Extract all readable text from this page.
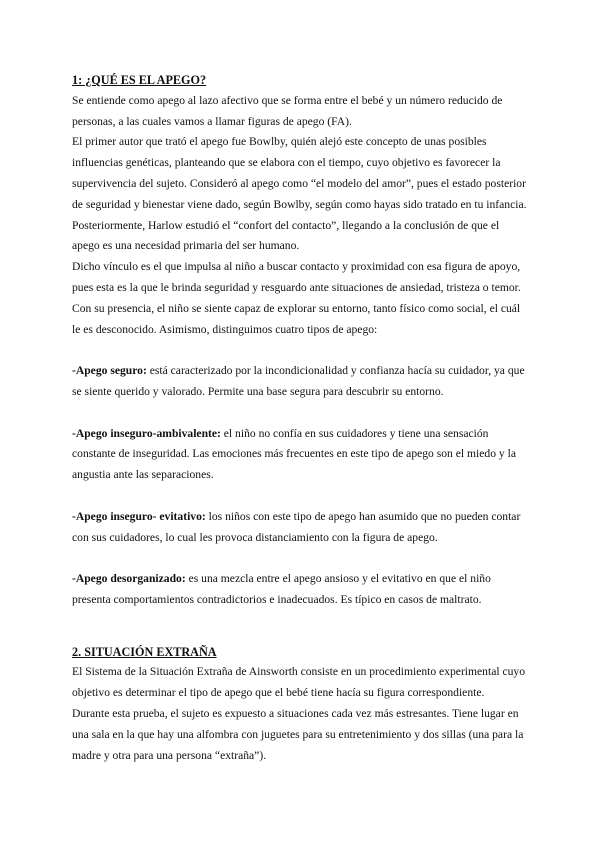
1: ¿QUÉ ES EL APEGO?

Se entiende como apego al lazo afectivo que se forma entre el bebé y un número reducido de personas, a las cuales vamos a llamar figuras de apego (FA).

El primer autor que trató el apego fue Bowlby, quién alejó este concepto de unas posibles influencias genéticas, planteando que se elabora con el tiempo, cuyo objetivo es favorecer la supervivencia del sujeto. Consideró al apego como “el modelo del amor”, pues el estado posterior de seguridad y bienestar viene dado, según Bowlby, según como hayas sido tratado en tu infancia. Posteriormente, Harlow estudió el “confort del contacto”, llegando a la conclusión de que el apego es una necesidad primaria del ser humano.

Dicho vínculo es el que impulsa al niño a buscar contacto y proximidad con esa figura de apoyo, pues esta es la que le brinda seguridad y resguardo ante situaciones de ansiedad, tristeza o temor. Con su presencia, el niño se siente capaz de explorar su entorno, tanto físico como social, el cuál le es desconocido. Asimismo, distinguimos cuatro tipos de apego:

-Apego seguro: está caracterizado por la incondicionalidad y confianza hacía su cuidador, ya que se siente querido y valorado. Permite una base segura para descubrir su entorno.

-Apego inseguro-ambivalente: el niño no confía en sus cuidadores y tiene una sensación constante de inseguridad. Las emociones más frecuentes en este tipo de apego son el miedo y la angustia ante las separaciones.

-Apego inseguro- evitativo: los niños con este tipo de apego han asumido que no pueden contar con sus cuidadores, lo cual les provoca distanciamiento con la figura de apego.

-Apego desorganizado: es una mezcla entre el apego ansioso y el evitativo en que el niño presenta comportamientos contradictorios e inadecuados. Es típico en casos de maltrato.

2. SITUACIÓN EXTRAÑA

El Sistema de la Situación Extraña de Ainsworth consiste en un procedimiento experimental cuyo objetivo es determinar el tipo de apego que el bebé tiene hacía su figura correspondiente.

Durante esta prueba, el sujeto es expuesto a situaciones cada vez más estresantes. Tiene lugar en una sala en la que hay una alfombra con juguetes para su entretenimiento y dos sillas (una para la madre y otra para una persona “extraña”).
